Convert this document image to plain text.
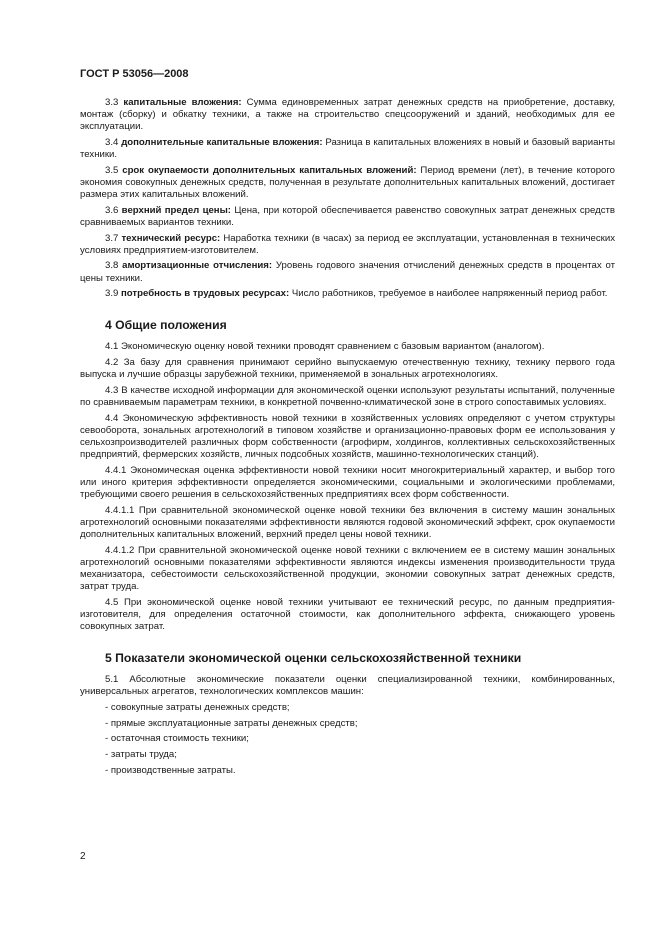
ГОСТ Р 53056—2008
3.3 капитальные вложения: Сумма единовременных затрат денежных средств на приобретение, доставку, монтаж (сборку) и обкатку техники, а также на строительство спецсооружений и зданий, необходимых для ее эксплуатации.
3.4 дополнительные капитальные вложения: Разница в капитальных вложениях в новый и базовый варианты техники.
3.5 срок окупаемости дополнительных капитальных вложений: Период времени (лет), в течение которого экономия совокупных денежных средств, полученная в результате дополнительных капитальных вложений, достигает размера этих капитальных вложений.
3.6 верхний предел цены: Цена, при которой обеспечивается равенство совокупных затрат денежных средств сравниваемых вариантов техники.
3.7 технический ресурс: Наработка техники (в часах) за период ее эксплуатации, установленная в технических условиях предприятием-изготовителем.
3.8 амортизационные отчисления: Уровень годового значения отчислений денежных средств в процентах от цены техники.
3.9 потребность в трудовых ресурсах: Число работников, требуемое в наиболее напряженный период работ.
4 Общие положения
4.1 Экономическую оценку новой техники проводят сравнением с базовым вариантом (аналогом).
4.2 За базу для сравнения принимают серийно выпускаемую отечественную технику, технику первого года выпуска и лучшие образцы зарубежной техники, применяемой в зональных агротехнологиях.
4.3 В качестве исходной информации для экономической оценки используют результаты испытаний, полученные по сравниваемым параметрам техники, в конкретной почвенно-климатической зоне в строго сопоставимых условиях.
4.4 Экономическую эффективность новой техники в хозяйственных условиях определяют с учетом структуры севооборота, зональных агротехнологий в типовом хозяйстве и организационно-правовых форм ее использования у сельхозпроизводителей различных форм собственности (агрофирм, холдингов, коллективных сельскохозяйственных предприятий, фермерских хозяйств, личных подсобных хозяйств, машинно-технологических станций).
4.4.1 Экономическая оценка эффективности новой техники носит многокритериальный характер, и выбор того или иного критерия эффективности определяется экономическими, социальными и экологическими проблемами, требующими своего решения в сельскохозяйственных предприятиях всех форм собственности.
4.4.1.1 При сравнительной экономической оценке новой техники без включения в систему машин зональных агротехнологий основными показателями эффективности являются годовой экономический эффект, срок окупаемости дополнительных капитальных вложений, верхний предел цены новой техники.
4.4.1.2 При сравнительной экономической оценке новой техники с включением ее в систему машин зональных агротехнологий основными показателями эффективности являются индексы изменения производительности труда механизатора, себестоимости сельскохозяйственной продукции, экономии совокупных затрат денежных средств, затрат труда.
4.5 При экономической оценке новой техники учитывают ее технический ресурс, по данным предприятия-изготовителя, для определения остаточной стоимости, как дополнительного эффекта, снижающего уровень совокупных затрат.
5 Показатели экономической оценки сельскохозяйственной техники
5.1 Абсолютные экономические показатели оценки специализированной техники, комбинированных, универсальных агрегатов, технологических комплексов машин:
- совокупные затраты денежных средств;
- прямые эксплуатационные затраты денежных средств;
- остаточная стоимость техники;
- затраты труда;
- производственные затраты.
2
